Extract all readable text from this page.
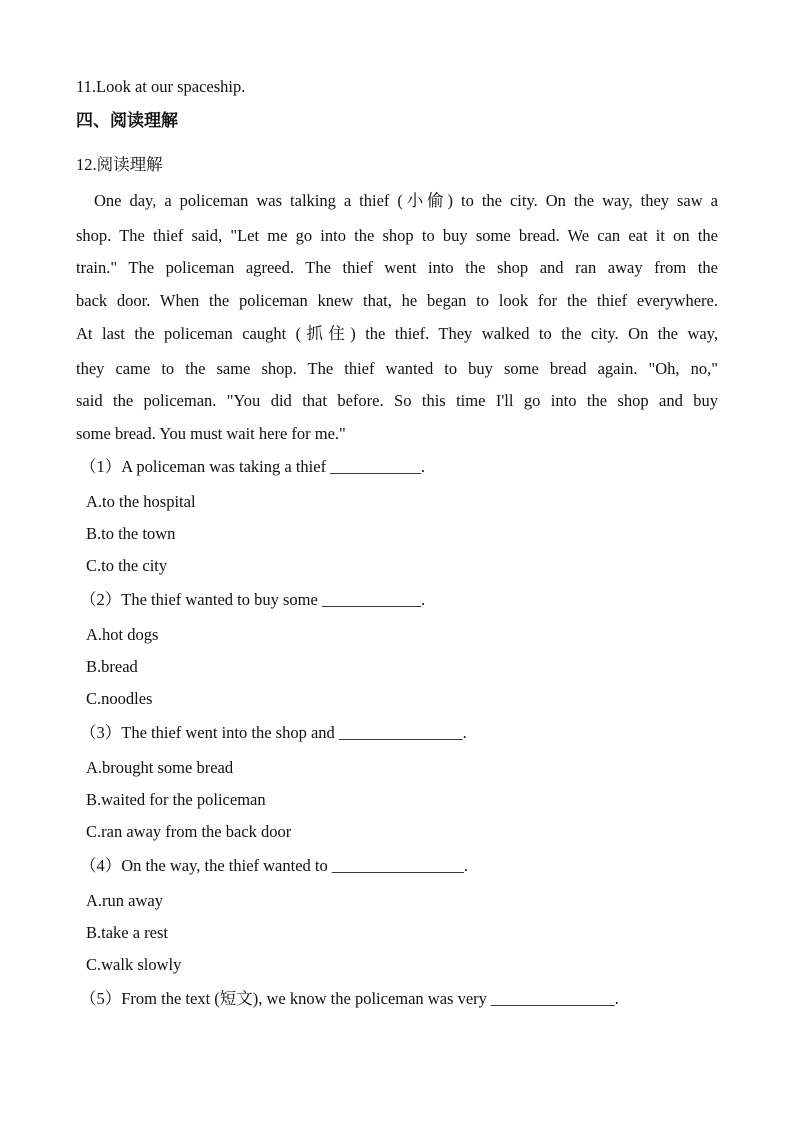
11.Look at our spaceship.
四、阅读理解
12.阅读理解
One day, a policeman was talking a thief (小偷) to the city. On the way, they saw a
shop. The thief said, "Let me go into the shop to buy some bread. We can eat it on the
train." The policeman agreed. The thief went into the shop and ran away from the
back door. When the policeman knew that, he began to look for the thief everywhere.
At last the policeman caught (抓住) the thief. They walked to the city. On the way,
they came to the same shop. The thief wanted to buy some bread again. "Oh, no,"
said the policeman. "You did that before. So this time I'll go into the shop and buy
some bread. You must wait here for me."
（1）A policeman was taking a thief ___________.
A.to the hospital
B.to the town
C.to the city
（2）The thief wanted to buy some ____________.
A.hot dogs
B.bread
C.noodles
（3）The thief went into the shop and _______________.
A.brought some bread
B.waited for the policeman
C.ran away from the back door
（4）On the way, the thief wanted to ________________.
A.run away
B.take a rest
C.walk slowly
（5）From the text (短文), we know the policeman was very _______________.
